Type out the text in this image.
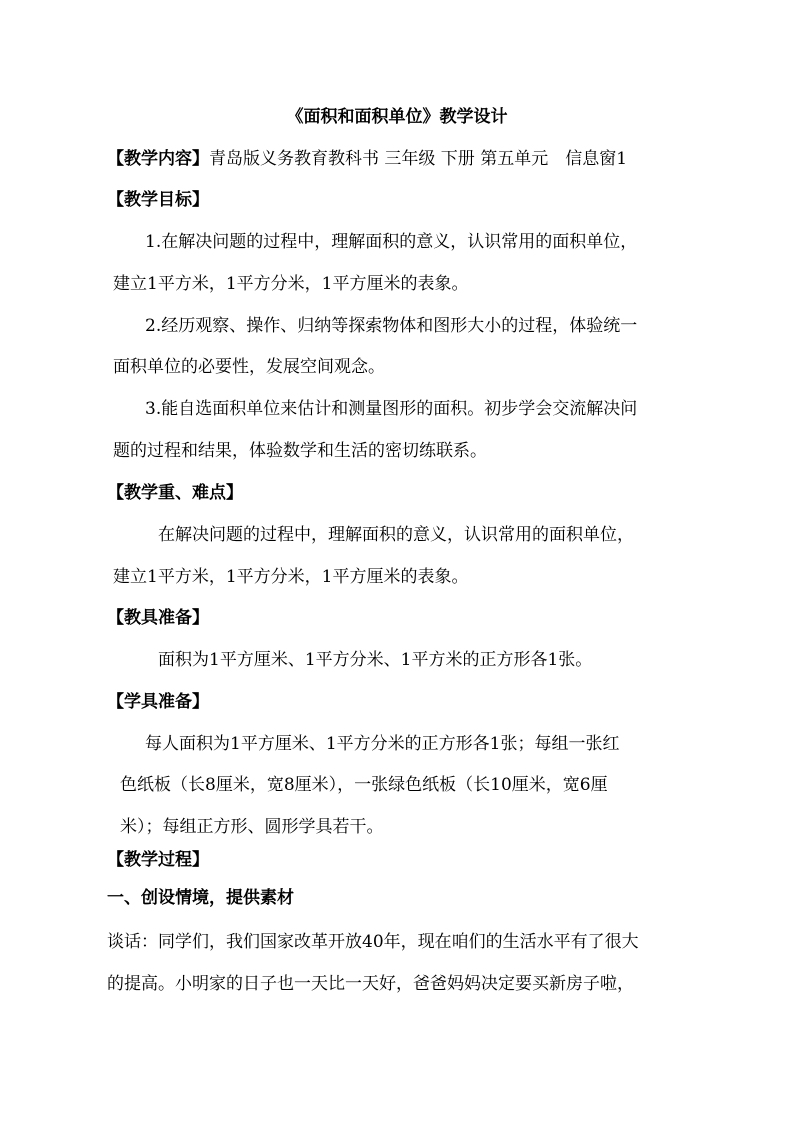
《面积和面积单位》教学设计
【教学内容】青岛版义务教育教科书 三年级 下册 第五单元　信息窗1
【教学目标】
1.在解决问题的过程中，理解面积的意义，认识常用的面积单位，
建立1平方米，1平方分米，1平方厘米的表象。
2.经历观察、操作、归纳等探索物体和图形大小的过程，体验统一
面积单位的必要性，发展空间观念。
3.能自选面积单位来估计和测量图形的面积。初步学会交流解决问
题的过程和结果，体验数学和生活的密切练联系。
【教学重、难点】
在解决问题的过程中，理解面积的意义，认识常用的面积单位，
建立1平方米，1平方分米，1平方厘米的表象。
【教具准备】
面积为1平方厘米、1平方分米、1平方米的正方形各1张。
【学具准备】
每人面积为1平方厘米、1平方分米的正方形各1张；每组一张红
色纸板（长8厘米，宽8厘米），一张绿色纸板（长10厘米，宽6厘
米）；每组正方形、圆形学具若干。
【教学过程】
一、创设情境，提供素材
谈话：同学们，我们国家改革开放40年，现在咱们的生活水平有了很大
的提高。小明家的日子也一天比一天好，爸爸妈妈决定要买新房子啦，
